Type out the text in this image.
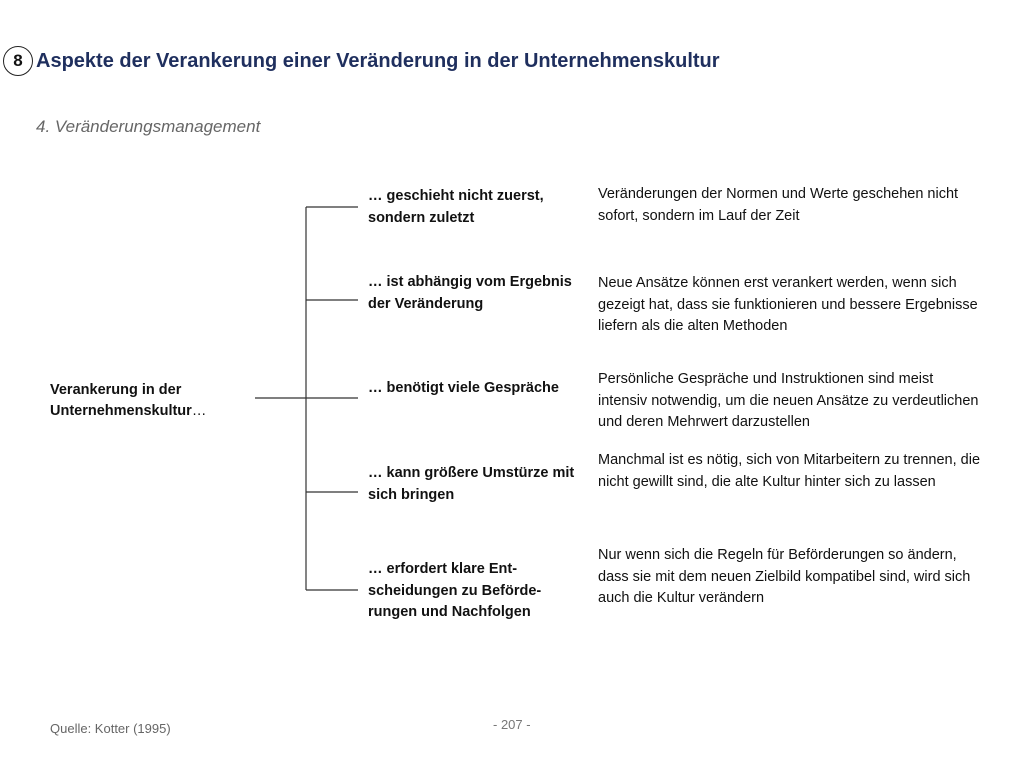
8 Aspekte der Verankerung einer Veränderung in der Unternehmenskultur
4. Veränderungsmanagement
Verankerung in der Unternehmenskultur…
… geschieht nicht zuerst, sondern zuletzt
… ist abhängig vom Ergebnis der Veränderung
… benötigt viele Gespräche
… kann größere Umstürze mit sich bringen
… erfordert klare Ent-scheidungen zu Beförde-rungen und Nachfolgen
Veränderungen der Normen und Werte geschehen nicht sofort, sondern im Lauf der Zeit
Neue Ansätze können erst verankert werden, wenn sich gezeigt hat, dass sie funktionieren und bessere Ergebnisse liefern als die alten Methoden
Persönliche Gespräche und Instruktionen sind meist intensiv notwendig, um die neuen Ansätze zu verdeutlichen und deren Mehrwert darzustellen
Manchmal ist es nötig, sich von Mitarbeitern zu trennen, die nicht gewillt sind, die alte Kultur hinter sich zu lassen
Nur wenn sich die Regeln für Beförderungen so ändern, dass sie mit dem neuen Zielbild kompatibel sind, wird sich auch die Kultur verändern
Quelle: Kotter (1995)	- 207 -
